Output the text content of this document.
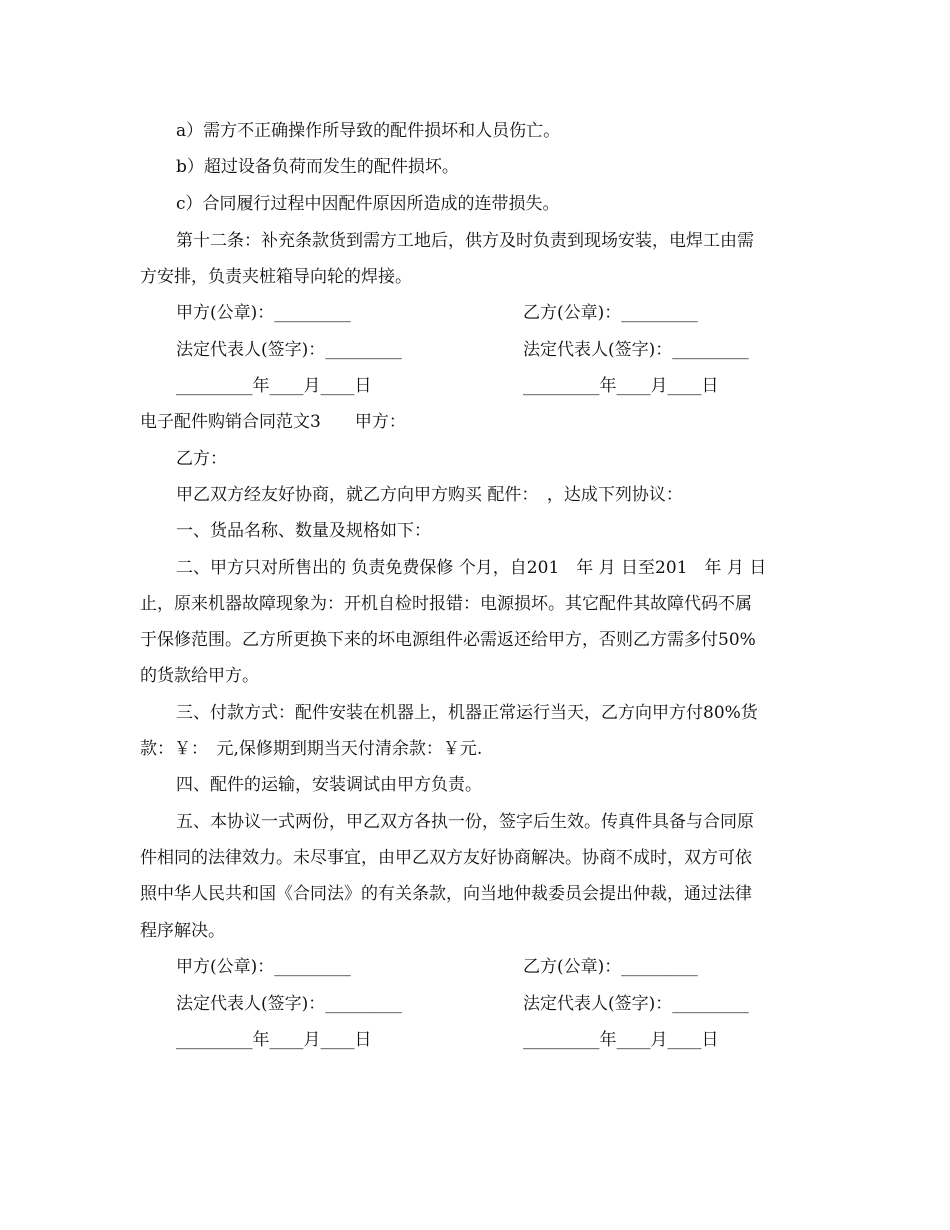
a）需方不正确操作所导致的配件损坏和人员伤亡。
b）超过设备负荷而发生的配件损坏。
c）合同履行过程中因配件原因所造成的连带损失。
第十二条：补充条款货到需方工地后，供方及时负责到现场安装，电焊工由需
方安排，负责夹桩箱导向轮的焊接。
甲方(公章)：_________	乙方(公章)：_________
法定代表人(签字)：_________	法定代表人(签字)：_________
_________年____月____日	_________年____月____日
电子配件购销合同范文3　　甲方：
乙方：
甲乙双方经友好协商，就乙方向甲方购买 配件：　，达成下列协议：
一、货品名称、数量及规格如下：
二、甲方只对所售出的 负责免费保修 个月，自201　年 月 日至201　年 月 日
止，原来机器故障现象为：开机自检时报错：电源损坏。其它配件其故障代码不属
于保修范围。乙方所更换下来的坏电源组件必需返还给甲方，否则乙方需多付50%
的货款给甲方。
三、付款方式：配件安装在机器上，机器正常运行当天，乙方向甲方付80%货
款：￥：　元,保修期到期当天付清余款：￥元.
四、配件的运输，安装调试由甲方负责。
五、本协议一式两份，甲乙双方各执一份，签字后生效。传真件具备与合同原
件相同的法律效力。未尽事宜，由甲乙双方友好协商解决。协商不成时，双方可依
照中华人民共和国《合同法》的有关条款，向当地仲裁委员会提出仲裁，通过法律
程序解决。
甲方(公章)：_________	乙方(公章)：_________
法定代表人(签字)：_________	法定代表人(签字)：_________
_________年____月____日	_________年____月____日
